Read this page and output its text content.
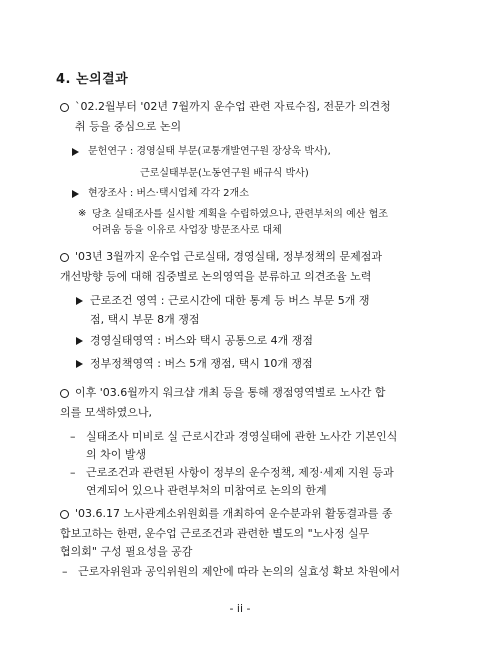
4. 논의결과
`02.2월부터 '02년 7월까지 운수업 관련 자료수집, 전문가 의견청
취 등을 중심으로 논의
문헌연구 : 경영실태 부문(교통개발연구원 장상욱 박사),
근로실태부문(노동연구원 배규식 박사)
현장조사 : 버스·택시업체 각각 2개소
※ 당초 실태조사를 실시할 계획을 수립하였으나, 관련부처의 예산 협조
어려움 등을 이유로 사업장 방문조사로 대체
'03년 3월까지 운수업 근로실태, 경영실태, 정부정책의 문제점과
개선방향 등에 대해 집중별로 논의영역을 분류하고 의견조율 노력
근로조건 영역 : 근로시간에 대한 통계 등 버스 부문 5개 쟁
점, 택시 부문 8개 쟁점
경영실태영역 : 버스와 택시 공통으로 4개 쟁점
정부정책영역 : 버스 5개 쟁점, 택시 10개 쟁점
이후 '03.6월까지 워크샵 개최 등을 통해 쟁점영역별로 노사간 합
의를 모색하였으나,
– 실태조사 미비로 실 근로시간과 경영실태에 관한 노사간 기본인식
의 차이 발생
– 근로조건과 관련된 사항이 정부의 운수정책, 제정·세제 지원 등과
연계되어 있으나 관련부처의 미참여로 논의의 한계
'03.6.17 노사관계소위원회를 개최하여 운수분과위 활동결과를 종
합보고하는 한편, 운수업 근로조건과 관련한 별도의 "노사정 실무
협의회" 구성 필요성을 공감
– 근로자위원과 공익위원의 제안에 따라 논의의 실효성 확보 차원에서
- ii -
